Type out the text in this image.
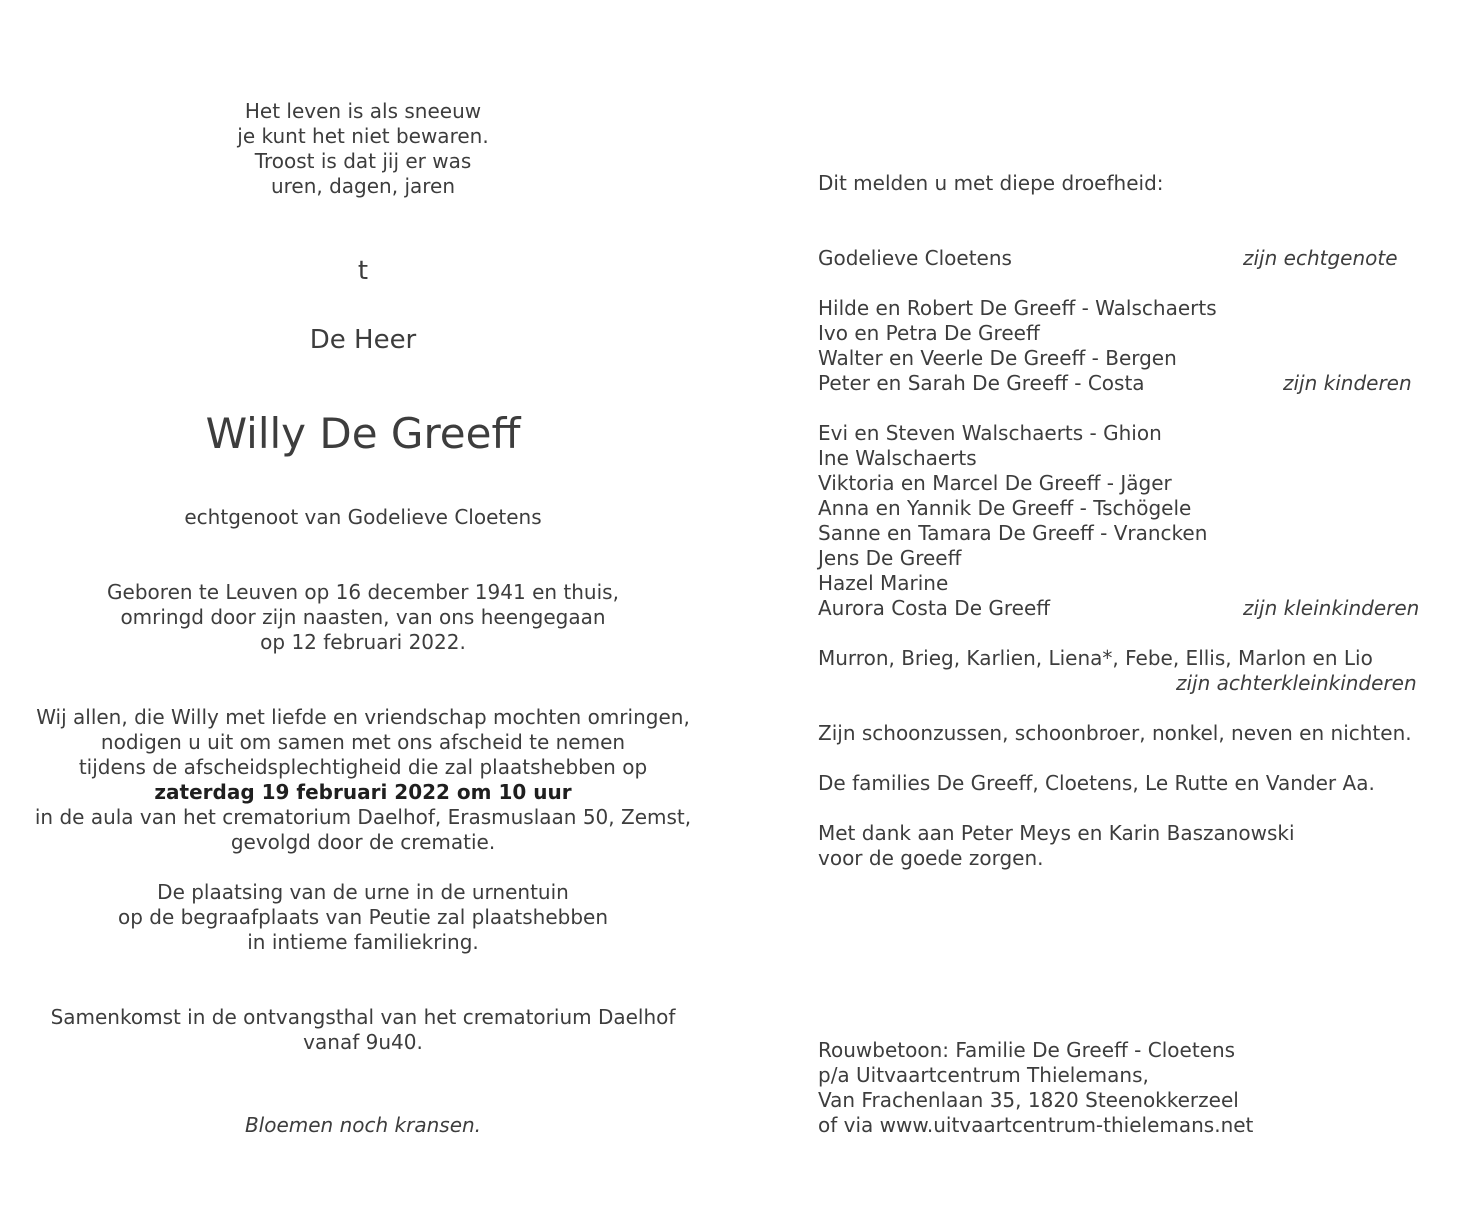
Het leven is als sneeuw
je kunt het niet bewaren.
Troost is dat jij er was
uren, dagen, jaren
t
De Heer
Willy De Greeff
echtgenoot van Godelieve Cloetens
Geboren te Leuven op 16 december 1941 en thuis,
omringd door zijn naasten, van ons heengegaan
op 12 februari 2022.
Wij allen, die Willy met liefde en vriendschap mochten omringen,
nodigen u uit om samen met ons afscheid te nemen
tijdens de afscheidsplechtigheid die zal plaatshebben op
zaterdag 19 februari 2022 om 10 uur
in de aula van het crematorium Daelhof, Erasmuslaan 50, Zemst,
gevolgd door de crematie.
De plaatsing van de urne in de urnentuin
op de begraafplaats van Peutie zal plaatshebben
in intieme familiekring.
Samenkomst in de ontvangsthal van het crematorium Daelhof
vanaf 9u40.
Bloemen noch kransen.
Dit melden u met diepe droefheid:
Godelieve Cloetens	zijn echtgenote
Hilde en Robert De Greeff - Walschaerts
Ivo en Petra De Greeff
Walter en Veerle De Greeff - Bergen
Peter en Sarah De Greeff - Costa	zijn kinderen
Evi en Steven Walschaerts - Ghion
Ine Walschaerts
Viktoria en Marcel De Greeff - Jäger
Anna en Yannik De Greeff - Tschögele
Sanne en Tamara De Greeff - Vrancken
Jens De Greeff
Hazel Marine
Aurora Costa De Greeff	zijn kleinkinderen
Murron, Brieg, Karlien, Liena*, Febe, Ellis, Marlon en Lio
zijn achterkleinkinderen
Zijn schoonzussen, schoonbroer, nonkel, neven en nichten.
De families De Greeff, Cloetens, Le Rutte en Vander Aa.
Met dank aan Peter Meys en Karin Baszanowski
voor de goede zorgen.
Rouwbetoon: Familie De Greeff - Cloetens
p/a Uitvaartcentrum Thielemans,
Van Frachenlaan 35, 1820 Steenokkerzeel
of via www.uitvaartcentrum-thielemans.net
